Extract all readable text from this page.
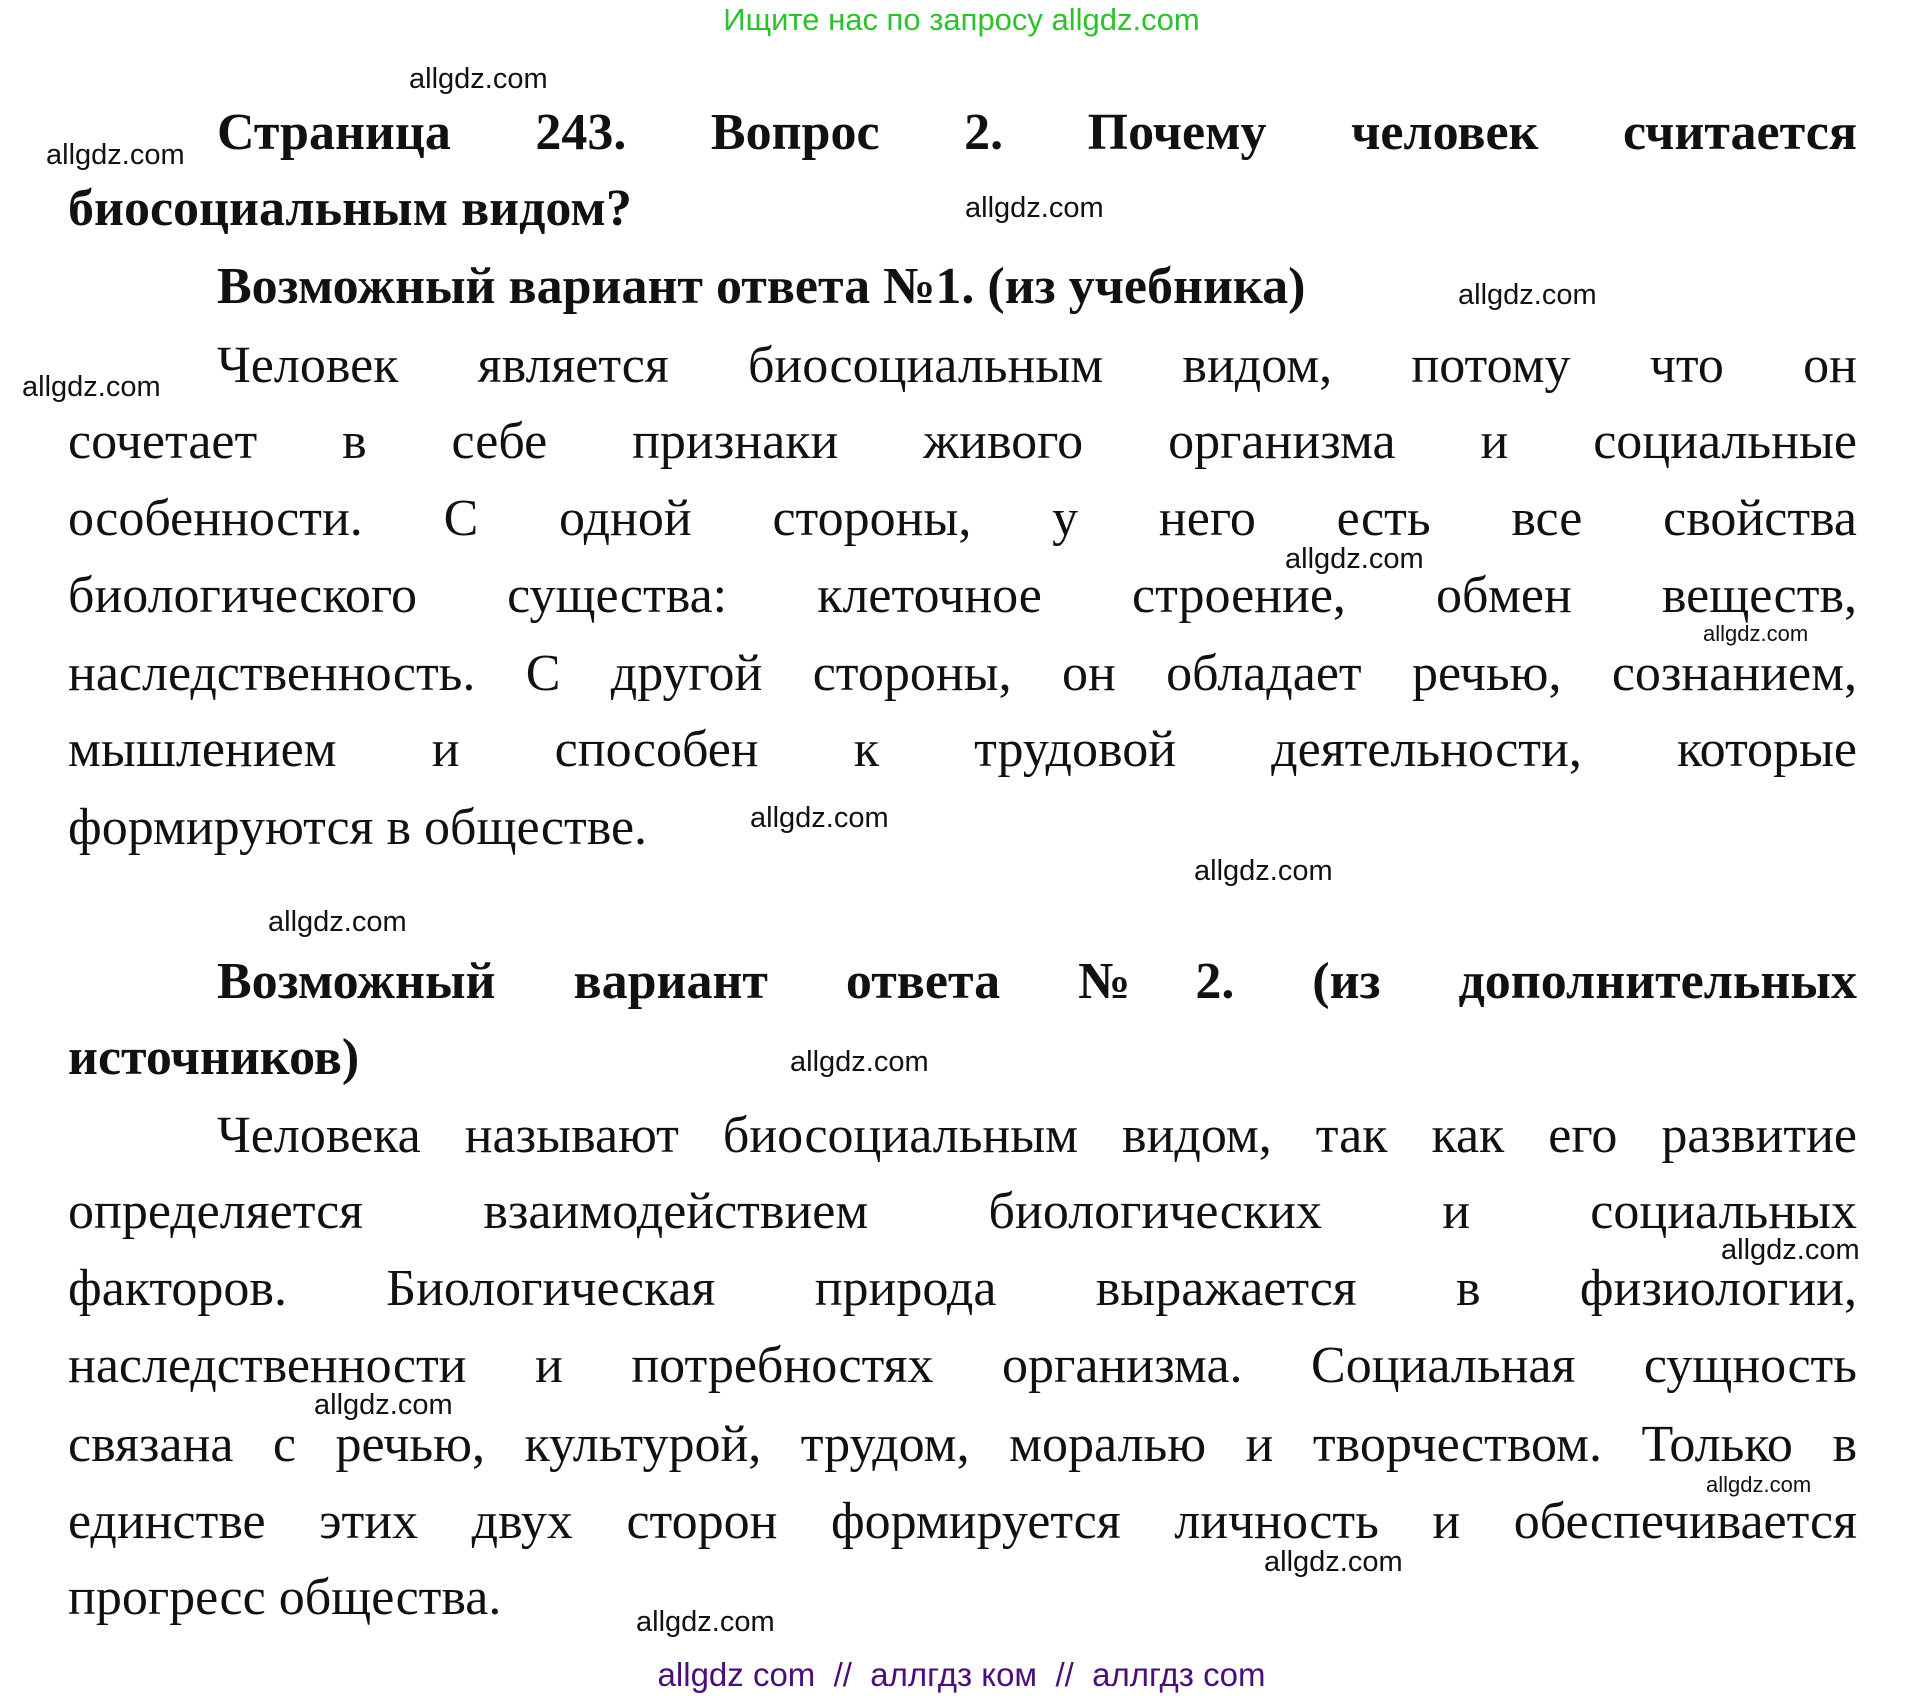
Ищите нас по запросу allgdz.com
Страница 243. Вопрос 2. Почему человек считается
биосоциальным видом?
Возможный вариант ответа №1. (из учебника)
Человек является биосоциальным видом, потому что он
сочетает в себе признаки живого организма и социальные
особенности. С одной стороны, у него есть все свойства
биологического существа: клеточное строение, обмен веществ,
наследственность. С другой стороны, он обладает речью, сознанием,
мышлением и способен к трудовой деятельности, которые
формируются в обществе.
Возможный вариант ответа №2. (из дополнительных
источников)
Человека называют биосоциальным видом, так как его развитие
определяется взаимодействием биологических и социальных
факторов. Биологическая природа выражается в физиологии,
наследственности и потребностях организма. Социальная сущность
связана с речью, культурой, трудом, моралью и творчеством. Только в
единстве этих двух сторон формируется личность и обеспечивается
прогресс общества.
allgdz com  //  аллгдз ком  //  аллгдз com
allgdz.com
allgdz.com
allgdz.com
allgdz.com
allgdz.com
allgdz.com
allgdz.com
allgdz.com
allgdz.com
allgdz.com
allgdz.com
allgdz.com
allgdz.com
allgdz.com
allgdz.com
allgdz.com
